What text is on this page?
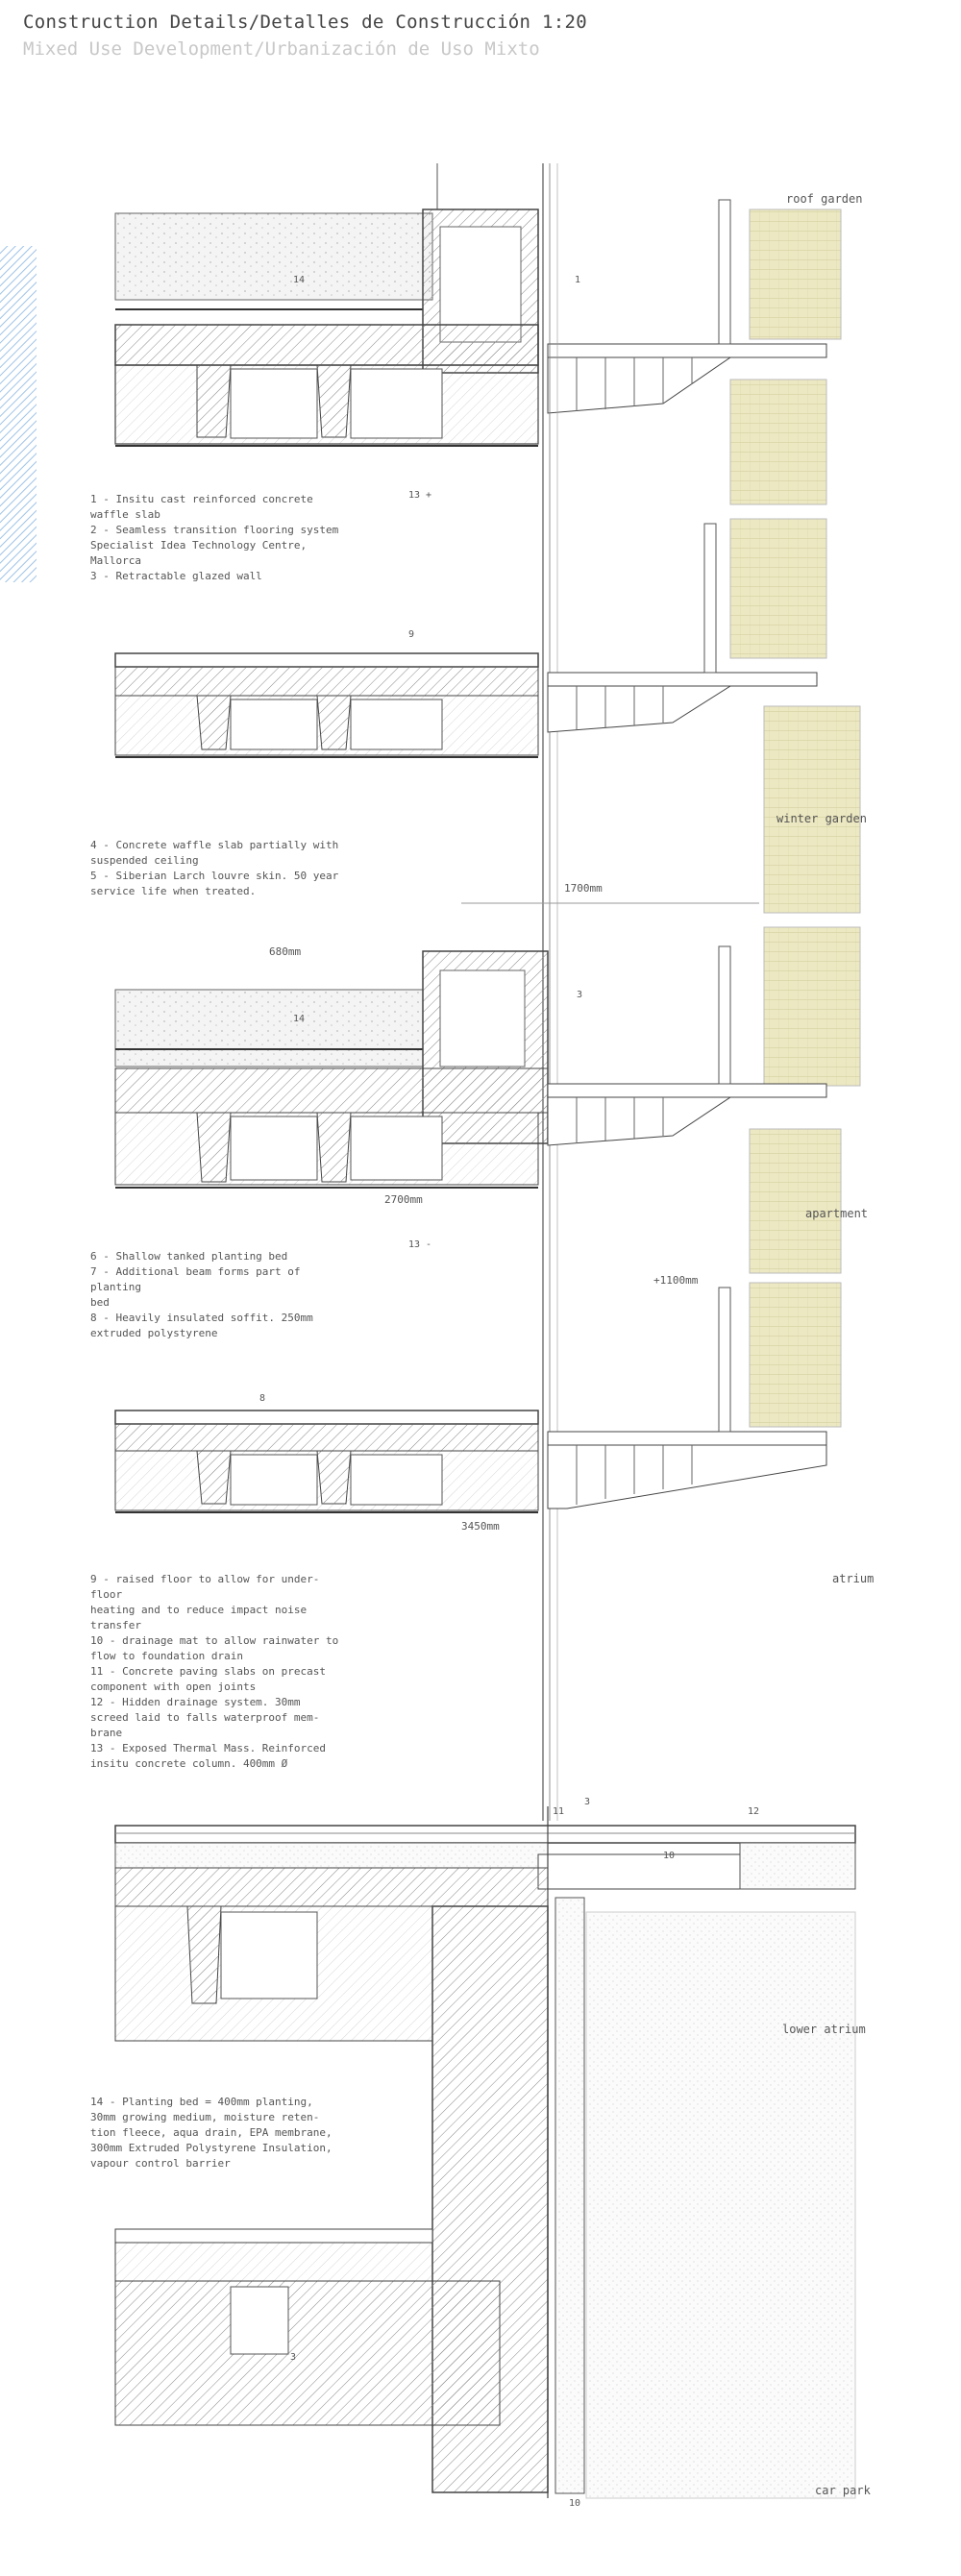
Construction Details/Detalles de Construcción 1:20
Mixed Use Development/Urbanización de Uso Mixto
roof garden
winter garden
apartment
atrium
lower atrium
car park
1700mm
680mm
2700mm
+1100mm
3450mm
14	1
13 +
9
3
14
13 -
8
3
10
12
11
3
10
1 - Insitu cast reinforced concrete
waffle slab
2 - Seamless transition flooring system
Specialist Idea Technology Centre,
Mallorca
3 - Retractable glazed wall
4 - Concrete waffle slab partially with
suspended ceiling
5 - Siberian Larch louvre skin. 50 year
service life when treated.
6 - Shallow tanked planting bed
7 - Additional beam forms part of
planting
bed
8 - Heavily insulated soffit. 250mm
extruded polystyrene
9 - raised floor to allow for under-
floor
heating and to reduce impact noise
transfer
10 - drainage mat to allow rainwater to
flow to foundation drain
11 - Concrete paving slabs on precast
component with open joints
12 - Hidden drainage system. 30mm
screed laid to falls waterproof mem-
brane
13 - Exposed Thermal Mass. Reinforced
insitu concrete column. 400mm Ø
14 - Planting bed = 400mm planting,
30mm growing medium, moisture reten-
tion fleece, aqua drain, EPA membrane,
300mm Extruded Polystyrene Insulation,
vapour control barrier
